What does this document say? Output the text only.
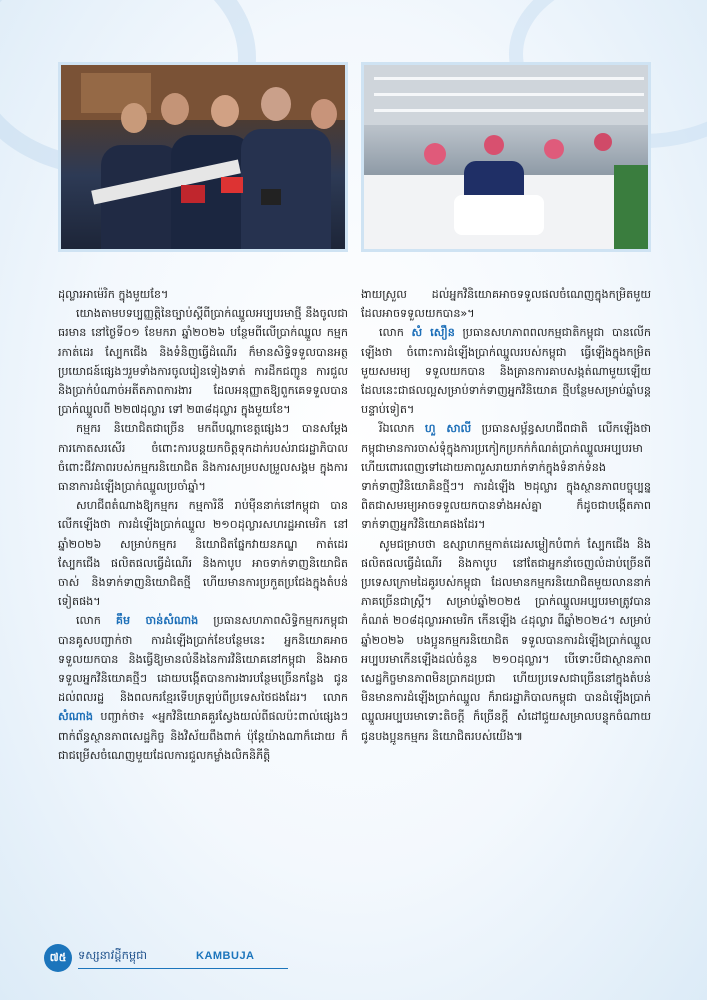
ដុល្លារអាម៉េរិក ក្នុងមួយខែ។

យោងតាមបទប្បញ្ញត្តិនៃច្បាប់ស្ដីពីប្រាក់ឈ្នួលអប្បបរមាថ្មី នឹងចូលជាធរមាន នៅថ្ងៃទី០១ ខែមករា ឆ្នាំ២០២៦ បន្ថែមពីលើប្រាក់ឈ្នួល កម្មករកាត់ដេរ ស្បែកជើង និងទំនិញធ្វើដំណើរ ក៏មានសិទ្ធិទទួលបានអត្ថប្រយោជន៍ផ្សេងៗរួមទាំងការចូលរៀនទៀងទាត់ ការដឹកជញ្ជូន ការជួល និងប្រាក់បំណាច់អតីតភាពការងារ ដែលអនុញ្ញាតឱ្យពួកគេទទួលបានប្រាក់ឈ្នួលពី ២២៧ដុល្លារ ទៅ ២៣៨ដុល្លារ ក្នុងមួយខែ។

កម្មករ និយោជិតជាច្រើន មកពីបណ្ដាខេត្តផ្សេងៗ បានសម្ដែងការកោតសរសើរ ចំពោះការបន្តយកចិត្តទុកដាក់របស់រាជរដ្ឋាភិបាលចំពោះជីវភាពរបស់កម្មករនិយោជិត និងការសម្របសម្រួលសង្គម ក្នុងការធានាការដំឡើងប្រាក់ឈ្នួលប្រចាំឆ្នាំ។

សហជីពតំណាងឱ្យកម្មករ កម្មការិនី រាប់ម៉ឺននាក់នៅកម្ពុជា បានលើកឡើងថា ការដំឡើងប្រាក់ឈ្នួល ២១០ដុល្លារសហរដ្ឋអាមេរិក នៅឆ្នាំ២០២៦ សម្រាប់កម្មករ និយោជិតផ្នែកវាយនភណ្ឌ កាត់ដេរ ស្បែកជើង ផលិតផលធ្វើដំណើរ និងកាបូប អាចទាក់ទាញនិយោជិតចាស់ និងទាក់ទាញនិយោជិតថ្មី ហើយមានការប្រកួតប្រជែងក្នុងតំបន់ទៀតផង។

លោក គឹម ចាន់សំណាង ប្រធានសហភាពសិទ្ធិកម្មករកម្ពុជា បានគូសបញ្ជាក់ថា ការដំឡើងប្រាក់ខែបន្ថែមនេះ អ្នកនិយោគអាចទទួលយកបាន និងធ្វើឱ្យមានលំនឹងនៃការវិនិយោគនៅកម្ពុជា និងអាចទទួលអ្នកវិនិយោគថ្មីៗ ដោយបង្កើតបានការងារបន្ថែមច្រើនកន្លែង ជូនដល់ពលរដ្ឋ និងពលករខ្មែរទើបត្រឡប់ពីប្រទេសថៃជងដែរ។ លោក សំណាង បញ្ជាក់ថា៖ «អ្នកវិនិយោគគួរស្វែងយល់ពីផលប៉ះពាល់ផ្សេងៗ ពាក់ព័ន្ធស្ថានភាពសេដ្ឋកិច្ច និងវិស័យពឹងពាក់ ប៉ុន្តែយ៉ាងណាក៏ដោយ ក៏ជាជម្រើសចំណេញមួយដែលការជួលកម្លាំងលិកនិភីត្តិ

ងាយស្រួល ដល់អ្នកវិនិយោគអាចទទួលផលចំណេញក្នុងកម្រិតមួយដែលអាចទទួលយកបាន»។

លោក សំ សឿន ប្រធានសហភាពពលកម្មជាតិកម្ពុជា បានលើកឡើងថា ចំពោះការដំឡើងប្រាក់ឈ្នួលរបស់កម្ពុជា ធ្វើឡើងក្នុងកម្រិតមួយសមរម្យ ទទួលយកបាន និងគ្រានការគាបសង្កត់ណាមួយឡើយ ដែលនេះជាផលល្អសម្រាប់ទាក់ទាញអ្នកវិនិយោគ ថ្មីបន្ថែមសម្រាប់ឆ្នាំបន្តបន្ទាប់ទៀត។

រីឯលោក ហួ សាលី ប្រធានសម្ព័ន្ធសហជីពជាតិ លើកឡើងថា កម្ពុជាមានការចាស់ទុំក្នុងការប្រកៀកប្រកក់កំណត់ប្រាក់ឈ្នួលអប្បបរមា ហើយពោរពេញទៅដោយភាពរួសរាយរាក់ទាក់ក្នុងទំនាក់ទំនងទាក់ទាញវិនិយោគិនថ្មីៗ។ ការដំឡើង ២ដុល្លារ ក្នុងស្ថានភាពបច្ចុប្បន្ន ពិតជាសមរម្យអាចទទួលយកបានទាំងអស់គ្នា ក៏ដូចជាបង្កើតភាពទាក់ទាញអ្នកវិនិយោគផងដែរ។

សូមជម្រាបថា ឧស្សាហកម្មកាត់ដេរសម្លៀកបំពាក់ ស្បែកជើង និងផលិតផលធ្វើដំណើរ និងកាបូប នៅតែជាអ្នកនាំចេញលំដាប់ច្រើនពីប្រទេសក្រោមដៃគូរបស់កម្ពុជា ដែលមានកម្មករនិយោជិតមួយលាននាក់ ភាគច្រើនជាស្ត្រី។ សម្រាប់ឆ្នាំ២០២៥ ប្រាក់ឈ្នួលអប្បបរមាត្រូវបានកំណត់ ២០៨ដុល្លារអាមេរិក កើនឡើង ៤ដុល្លារ ពីឆ្នាំ២០២៤។ សម្រាប់ឆ្នាំ២០២៦ បងប្អូនកម្មករនិយោជិត ទទួលបានការដំឡើងប្រាក់ឈ្នួលអប្បបរមាកើនឡើងដល់ចំនួន ២១០ដុល្លារ។ បើទោះបីជាស្ថានភាពសេដ្ឋកិច្ចមានភាពមិនប្រាកដប្រជា ហើយប្រទេសជាច្រើននៅក្នុងតំបន់មិនមានការដំឡើងប្រាក់ឈ្នួល ក៏រាជរដ្ឋាភិបាលកម្ពុជា បានដំឡើងប្រាក់ឈ្នួលអប្បបរមាទោះតិចក្ដី ក៏ច្រើនក្ដី សំដៅជួយសម្រាលបន្ទុកចំណាយ ជូនបងប្អូនកម្មករ និយោជិតរបស់យើង៕

៧៥	ទស្សនាវដ្ដីកម្ពុជា	KAMBUJA
